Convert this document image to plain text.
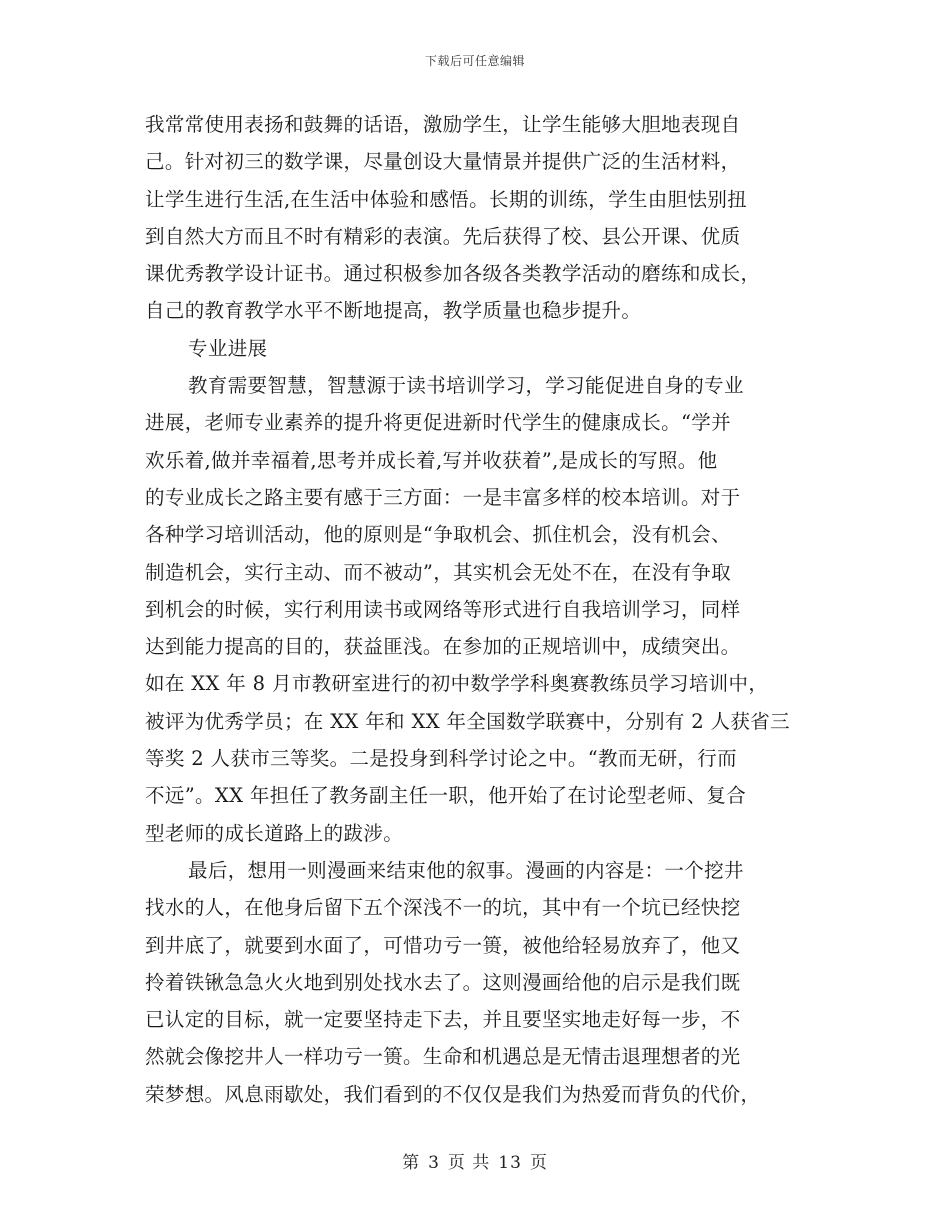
下载后可任意编辑
我常常使用表扬和鼓舞的话语，激励学生，让学生能够大胆地表现自
己。针对初三的数学课，尽量创设大量情景并提供广泛的生活材料，
让学生进行生活,在生活中体验和感悟。长期的训练，学生由胆怯别扭
到自然大方而且不时有精彩的表演。先后获得了校、县公开课、优质
课优秀教学设计证书。通过积极参加各级各类教学活动的磨练和成长，
自己的教育教学水平不断地提高，教学质量也稳步提升。
专业进展
教育需要智慧，智慧源于读书培训学习，学习能促进自身的专业
进展，老师专业素养的提升将更促进新时代学生的健康成长。“学并
欢乐着,做并幸福着,思考并成长着,写并收获着”,是成长的写照。他
的专业成长之路主要有感于三方面：一是丰富多样的校本培训。对于
各种学习培训活动，他的原则是“争取机会、抓住机会，没有机会、
制造机会，实行主动、而不被动”，其实机会无处不在，在没有争取
到机会的时候，实行利用读书或网络等形式进行自我培训学习，同样
达到能力提高的目的，获益匪浅。在参加的正规培训中，成绩突出。
如在 XX 年 8 月市教研室进行的初中数学学科奥赛教练员学习培训中，
被评为优秀学员；在 XX 年和 XX 年全国数学联赛中，分别有 2 人获省三
等奖 2 人获市三等奖。二是投身到科学讨论之中。“教而无研，行而
不远”。XX 年担任了教务副主任一职，他开始了在讨论型老师、复合
型老师的成长道路上的跋涉。
最后，想用一则漫画来结束他的叙事。漫画的内容是：一个挖井
找水的人，在他身后留下五个深浅不一的坑，其中有一个坑已经快挖
到井底了，就要到水面了，可惜功亏一篑，被他给轻易放弃了，他又
拎着铁锹急急火火地到别处找水去了。这则漫画给他的启示是我们既
已认定的目标，就一定要坚持走下去，并且要坚实地走好每一步，不
然就会像挖井人一样功亏一篑。生命和机遇总是无情击退理想者的光
荣梦想。风息雨歇处，我们看到的不仅仅是我们为热爱而背负的代价，
第 3 页 共 13 页
